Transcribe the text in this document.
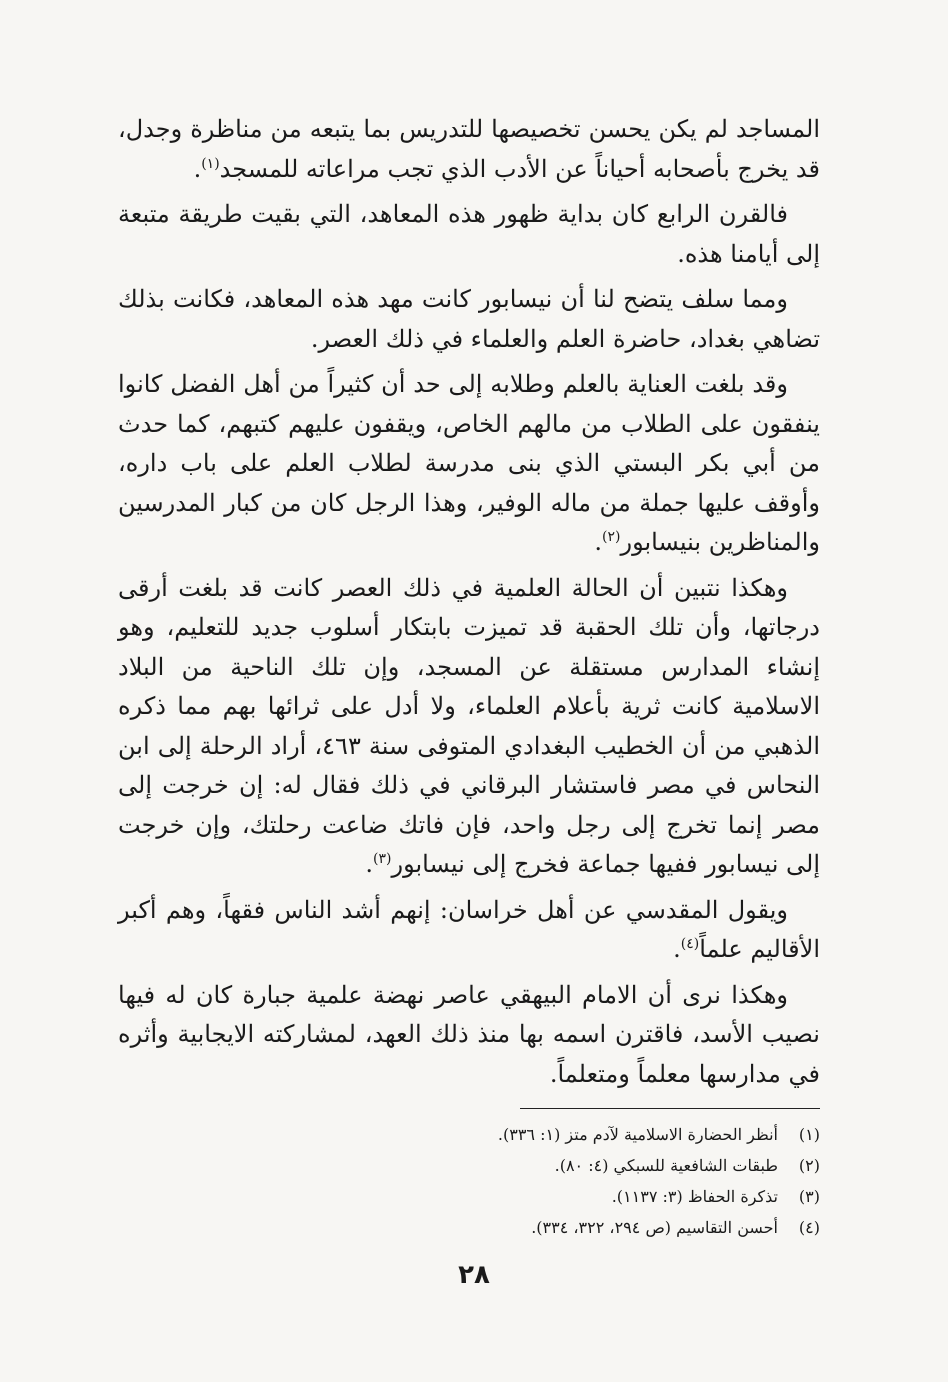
المساجد لم يكن يحسن تخصيصها للتدريس بما يتبعه من مناظرة وجدل، قد يخرج بأصحابه أحياناً عن الأدب الذي تجب مراعاته للمسجد$^{(١)}$.

فالقرن الرابع كان بداية ظهور هذه المعاهد، التي بقيت طريقة متبعة إلى أيامنا هذه.

ومما سلف يتضح لنا أن نيسابور كانت مهد هذه المعاهد، فكانت بذلك تضاهي بغداد، حاضرة العلم والعلماء في ذلك العصر.

وقد بلغت العناية بالعلم وطلابه إلى حد أن كثيراً من أهل الفضل كانوا ينفقون على الطلاب من مالهم الخاص، ويقفون عليهم كتبهم، كما حدث من أبي بكر البستي الذي بنى مدرسة لطلاب العلم على باب داره، وأوقف عليها جملة من ماله الوفير، وهذا الرجل كان من كبار المدرسين والمناظرين بنيسابور$^{(٢)}$.

وهكذا نتبين أن الحالة العلمية في ذلك العصر كانت قد بلغت أرقى درجاتها، وأن تلك الحقبة قد تميزت بابتكار أسلوب جديد للتعليم، وهو إنشاء المدارس مستقلة عن المسجد، وإن تلك الناحية من البلاد الاسلامية كانت ثرية بأعلام العلماء، ولا أدل على ثرائها بهم مما ذكره الذهبي من أن الخطيب البغدادي المتوفى سنة ٤٦٣، أراد الرحلة إلى ابن النحاس في مصر فاستشار البرقاني في ذلك فقال له: إن خرجت إلى مصر إنما تخرج إلى رجل واحد، فإن فاتك ضاعت رحلتك، وإن خرجت إلى نيسابور ففيها جماعة فخرج إلى نيسابور$^{(٣)}$.

ويقول المقدسي عن أهل خراسان: إنهم أشد الناس فقهاً، وهم أكبر الأقاليم علماً$^{(٤)}$.

وهكذا نرى أن الامام البيهقي عاصر نهضة علمية جبارة كان له فيها نصيب الأسد، فاقترن اسمه بها منذ ذلك العهد، لمشاركته الايجابية وأثره في مدارسها معلماً ومتعلماً.

(١)
أنظر الحضارة الاسلامية لآدم متز (١: ٣٣٦).
(٢)
طبقات الشافعية للسبكي (٤: ٨٠).
(٣)
تذكرة الحفاظ (٣: ١١٣٧).
(٤)
أحسن التقاسيم (ص ٢٩٤، ٣٢٢، ٣٣٤).
٢٨
